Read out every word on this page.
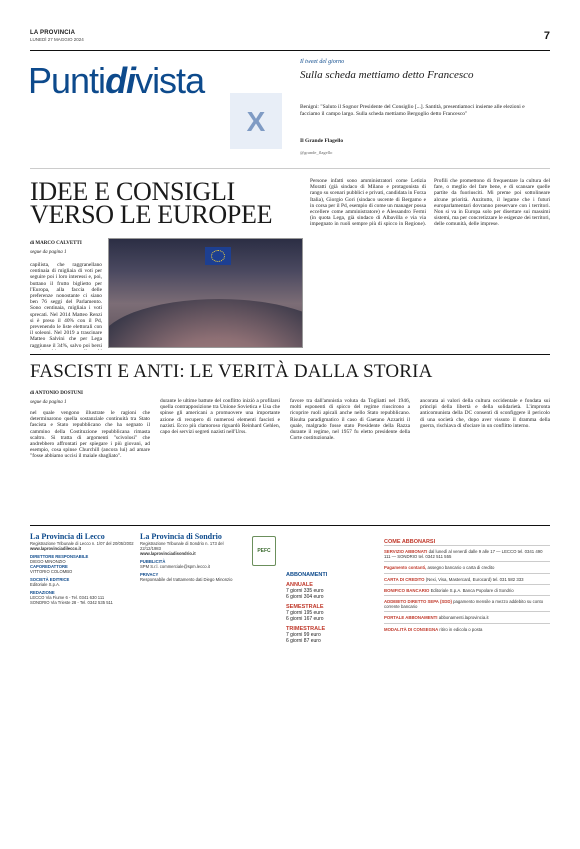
LA PROVINCIA
LUNEDÌ 27 MAGGIO 2024	7
Puntidivista
X
Il tweet del giorno
Sulla scheda mettiamo detto Francesco
Benigni: "Saluto il Sognor Presidente del Consiglio [...]. Santità, presentiamoci insieme alle elezioni e facciamo il campo largo. Sulla scheda mettiamo Bergoglio detto Francesco"
Il Grande Flagello
@grande_flagello
IDEE E CONSIGLI VERSO LE EUROPEE
di MARCO CALVETTI
segue da pagina 1
capilista, che raggranellano centinaia di migliaia di voti per seguire poi i loro interessi e, poi, buttano il frutto biglietto per l'Europa, alla faccia delle preferenze nonostante ci siano ben 76 seggi del Parlamento. Sono centinaia, migliaia i voti sprecati. Nel 2014 Matteo Renzi si è preso il 40% con il Pd, prevenendo le liste elettorali con il soleoni. Nel 2019 a trascinare Matteo Salvini che per Lega raggiunse il 34%, salvo poi bersi
Persone infatti sono amministratori come Letizia Moratti (già sindaco di Milano e protagonista di rango su scenari pubblici e privati, candidata in Forza Italia), Giorgio Gori (sindaco uscente di Bergamo e in corsa per il Pd, esempio di come un manager possa eccellere come amministratore) e Alessandro Fermi (in quota Lega, già sindaco di Albavilla e via via impegnato in ruoli sempre più di spicco in Regione). Profili che promettono di frequentare la cultura del fare, o meglio del fare bene, e di scansare quelle partite da fuoriusciti. Mi preme poi sottolineare alcune priorità. Anzitutto, il legame che i futuri europarlamentari dovranno preservare con i territori. Non si va in Europa solo per disertare sui massimi sistemi, ma per concretizzare le esigenze dei territori, delle comunità, delle imprese.
FASCISTI E ANTI: LE VERITÀ DALLA STORIA
di ANTONIO DOSTUNI
segue da pagina 1
nel quale vengono illustrate le ragioni che determinarono quella sostanziale continuità tra Stato fascista e Stato repubblicano che ha segnato il cammino della Costituzione repubblicana rimasta scaltro. Si tratta di argomenti "scivolosi" che andrebbero affrontati per spiegare i più giovani, ad esempio, cosa spinse Churchill (ancora lui) ad amare "fosse abbiamo uccisi il maiale sbagliato".
durante le ultime battute del conflitto iniziò a profilarsi quella contrapposizione tra Unione Sovietica e Usa che spinse gli americani a promuovere una importante azione di recupero di numerosi elementi fascisti e nazisti. Ecco più clamoroso riguardò Reinhard Gehlen, capo dei servizi segreti nazisti nell'Urss.
favore tra dall'amnistia voluta da Togliatti nel 1946, molti esponenti di spicco del regime riuscirono a ricoprire ruoli apicali anche nello Stato repubblicano. Risulta paradigmatico il caso di Gaetano Azzariti il quale, malgrado fosse stato Presidente della Razza durante il regime, nel 1957 fu eletto presidente della Corte costituzionale.
ancorata ai valori della cultura occidentale e fondata sui principi della libertà e della solidarietà. L'impronta anticomunista della DC consentì di sconfiggere il pericolo di una società che, dopo aver vissuto il dramma della guerra, rischiava di sfociare in un conflitto interno.
La Provincia di Lecco
Registrazione Tribunale di Lecco n. 1/07 del 20/05/2002
www.laprovinciadilecco.it
DIRETTORE RESPONSABILE
DIEGO MINONZIO
CAPOREDATTORE
VITTORIO COLOMBO
SOCIETÀ EDITRICE
Editoriale S.p.A.
REDAZIONE
LECCO Via Fiume 6 - Tel. 0341 630 111
SONDRIO Via Trieste 28 - Tel. 0342 535 511
La Provincia di Sondrio
Registrazione Tribunale di Sondrio n. 173 del 22/12/1983
www.laprovinciadisondrio.it
PUBBLICITÀ
SPM S.r.l. commerciale@spm.lecco.it
PRIVACY
Responsabile del trattamento dati Diego Minonzio
PEFC
ABBONAMENTI
ANNUALE
7 giorni 335 euro
6 giorni 304 euro
SEMESTRALE
7 giorni 195 euro
6 giorni 167 euro
TRIMESTRALE
7 giorni 99 euro
6 giorni 87 euro
COME ABBONARSI
SERVIZIO ABBONATI dal lunedì al venerdì dalle 9 alle 17 — LECCO tel. 0341 490 111 — SONDRIO tel. 0342 511 555
Pagamento contanti, assegno bancario o carta di credito
CARTA DI CREDITO (Nexi, Visa, Mastercard, Eurocard) tel. 031 582 333
BONIFICO BANCARIO Editoriale S.p.A. Banca Popolare di Sondrio
ADDEBITO DIRETTO SEPA (SDD) pagamento mensile a mezzo addebito su conto corrente bancario
PORTALE ABBONAMENTI abbonamenti.laprovincia.it
MODALITÀ DI CONSEGNA ritiro in edicola o posta
